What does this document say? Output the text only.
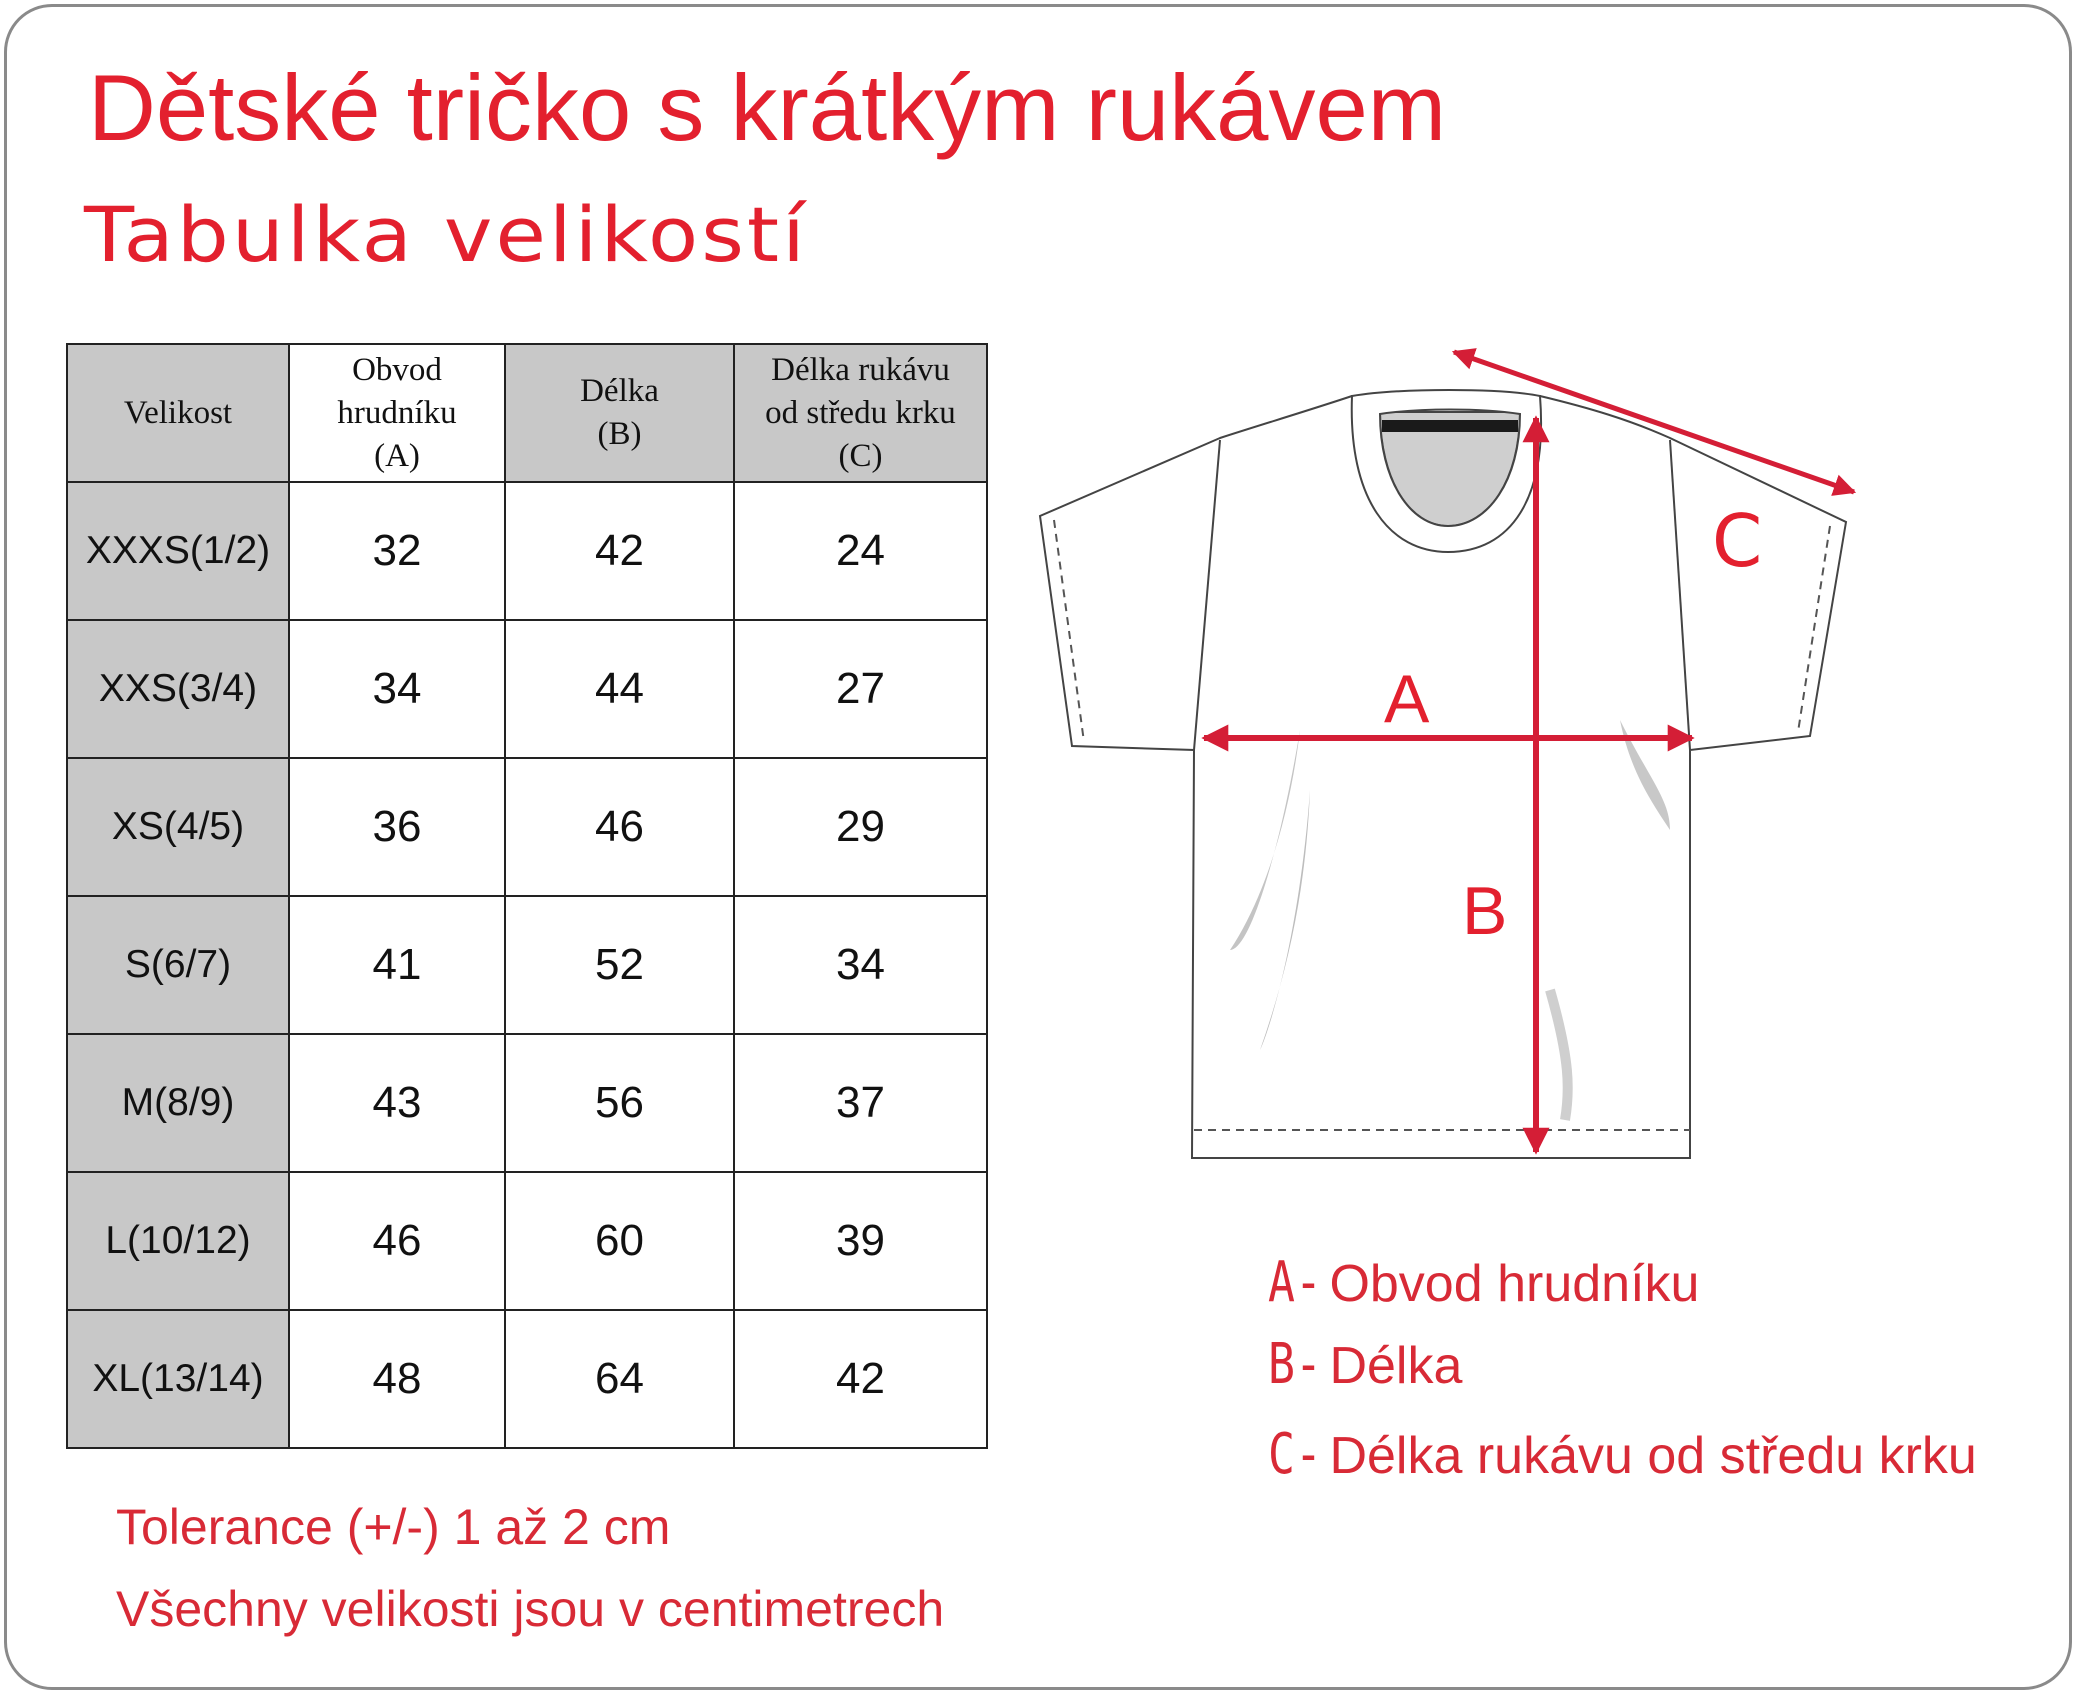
Dětské tričko s krátkým rukávem
Tabulka velikostí
Velikost	Obvod hrudníku (A)	Délka (B)	Délka rukávu od středu krku (C)

XXXS(1/2)	32	42	24
XXS(3/4)	34	44	27
XS(4/5)	36	46	29
S(6/7)	41	52	34
M(8/9)	43	56	37
L(10/12)	46	60	39
XL(13/14)	48	64	42
Tolerance (+/-) 1 až 2 cm
Všechny velikosti jsou v centimetrech
A
B
C
A- Obvod hrudníku
B- Délka
C- Délka rukávu od středu krku
